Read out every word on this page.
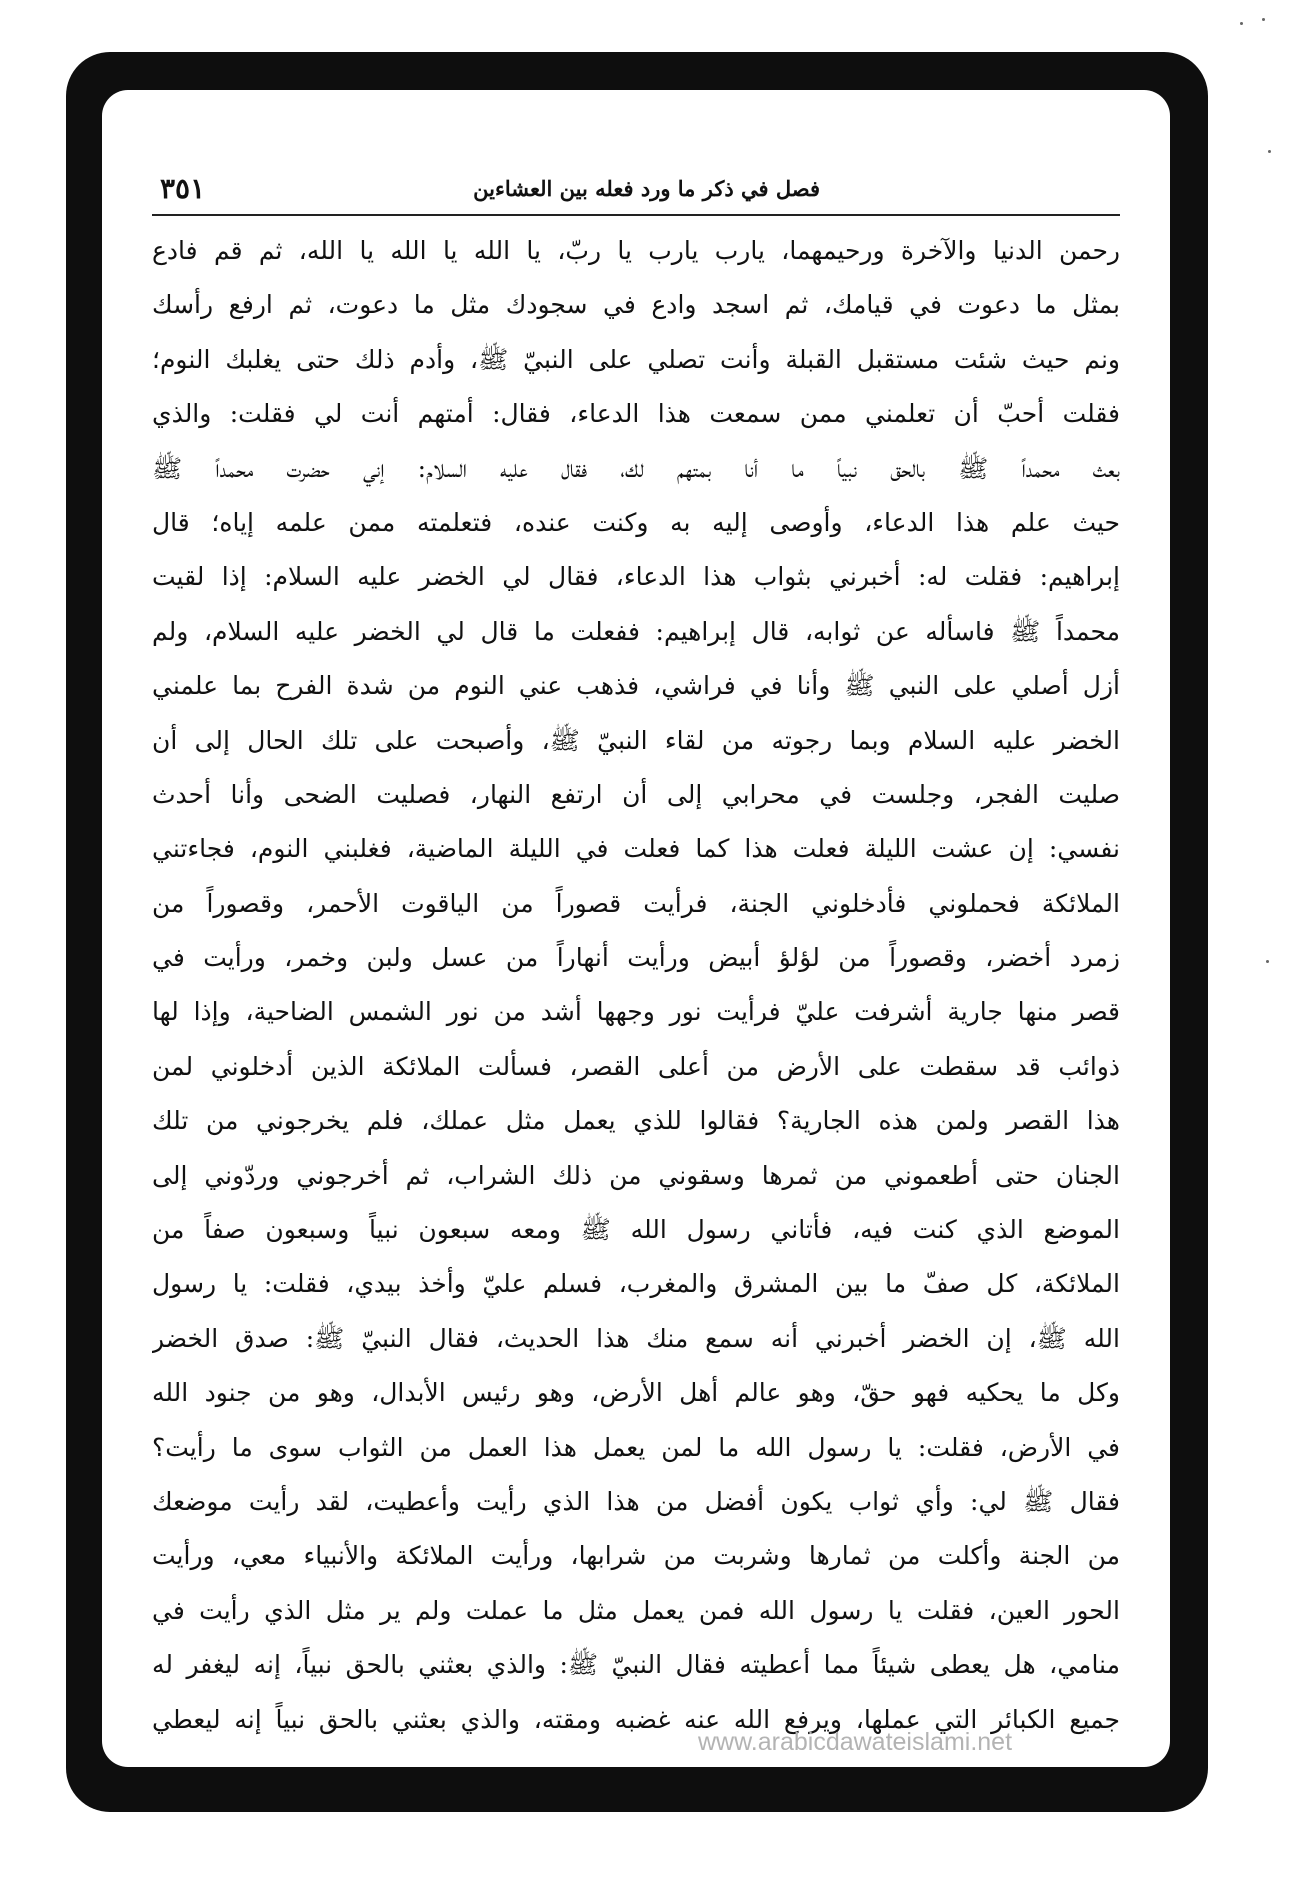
فصل في ذكر ما ورد فعله بين العشاءين
٣٥١
رحمن الدنيا والآخرة ورحيمهما، يارب يارب يا ربّ، يا الله يا الله يا الله، ثم قم فادع
بمثل ما دعوت في قيامك، ثم اسجد وادع في سجودك مثل ما دعوت، ثم ارفع رأسك
ونم حيث شئت مستقبل القبلة وأنت تصلي على النبيّ ﷺ، وأدم ذلك حتى يغلبك النوم؛
فقلت أحبّ أن تعلمني ممن سمعت هذا الدعاء، فقال: أمتهم أنت لي فقلت: والذي
بعث محمداً ﷺ بالحق نبياً ما أنا بمتهم لك، فقال عليه السلام: إني حضرت محمداً ﷺ
حيث علم هذا الدعاء، وأوصى إليه به وكنت عنده، فتعلمته ممن علمه إياه؛ قال
إبراهيم: فقلت له: أخبرني بثواب هذا الدعاء، فقال لي الخضر عليه السلام: إذا لقيت
محمداً ﷺ فاسأله عن ثوابه، قال إبراهيم: ففعلت ما قال لي الخضر عليه السلام، ولم
أزل أصلي على النبي ﷺ وأنا في فراشي، فذهب عني النوم من شدة الفرح بما علمني
الخضر عليه السلام وبما رجوته من لقاء النبيّ ﷺ، وأصبحت على تلك الحال إلى أن
صليت الفجر، وجلست في محرابي إلى أن ارتفع النهار، فصليت الضحى وأنا أحدث
نفسي: إن عشت الليلة فعلت هذا كما فعلت في الليلة الماضية، فغلبني النوم، فجاءتني
الملائكة فحملوني فأدخلوني الجنة، فرأيت قصوراً من الياقوت الأحمر، وقصوراً من
زمرد أخضر، وقصوراً من لؤلؤ أبيض ورأيت أنهاراً من عسل ولبن وخمر، ورأيت في
قصر منها جارية أشرفت عليّ فرأيت نور وجهها أشد من نور الشمس الضاحية، وإذا لها
ذوائب قد سقطت على الأرض من أعلى القصر، فسألت الملائكة الذين أدخلوني لمن
هذا القصر ولمن هذه الجارية؟ فقالوا للذي يعمل مثل عملك، فلم يخرجوني من تلك
الجنان حتى أطعموني من ثمرها وسقوني من ذلك الشراب، ثم أخرجوني وردّوني إلى
الموضع الذي كنت فيه، فأتاني رسول الله ﷺ ومعه سبعون نبياً وسبعون صفاً من
الملائكة، كل صفّ ما بين المشرق والمغرب، فسلم عليّ وأخذ بيدي، فقلت: يا رسول
الله ﷺ، إن الخضر أخبرني أنه سمع منك هذا الحديث، فقال النبيّ ﷺ: صدق الخضر
وكل ما يحكيه فهو حقّ، وهو عالم أهل الأرض، وهو رئيس الأبدال، وهو من جنود الله
في الأرض، فقلت: يا رسول الله ما لمن يعمل هذا العمل من الثواب سوى ما رأيت؟
فقال ﷺ لي: وأي ثواب يكون أفضل من هذا الذي رأيت وأعطيت، لقد رأيت موضعك
من الجنة وأكلت من ثمارها وشربت من شرابها، ورأيت الملائكة والأنبياء معي، ورأيت
الحور العين، فقلت يا رسول الله فمن يعمل مثل ما عملت ولم ير مثل الذي رأيت في
منامي، هل يعطى شيئاً مما أعطيته فقال النبيّ ﷺ: والذي بعثني بالحق نبياً، إنه ليغفر له
جميع الكبائر التي عملها، ويرفع الله عنه غضبه ومقته، والذي بعثني بالحق نبياً إنه ليعطي
www.arabicdawateislami.net
